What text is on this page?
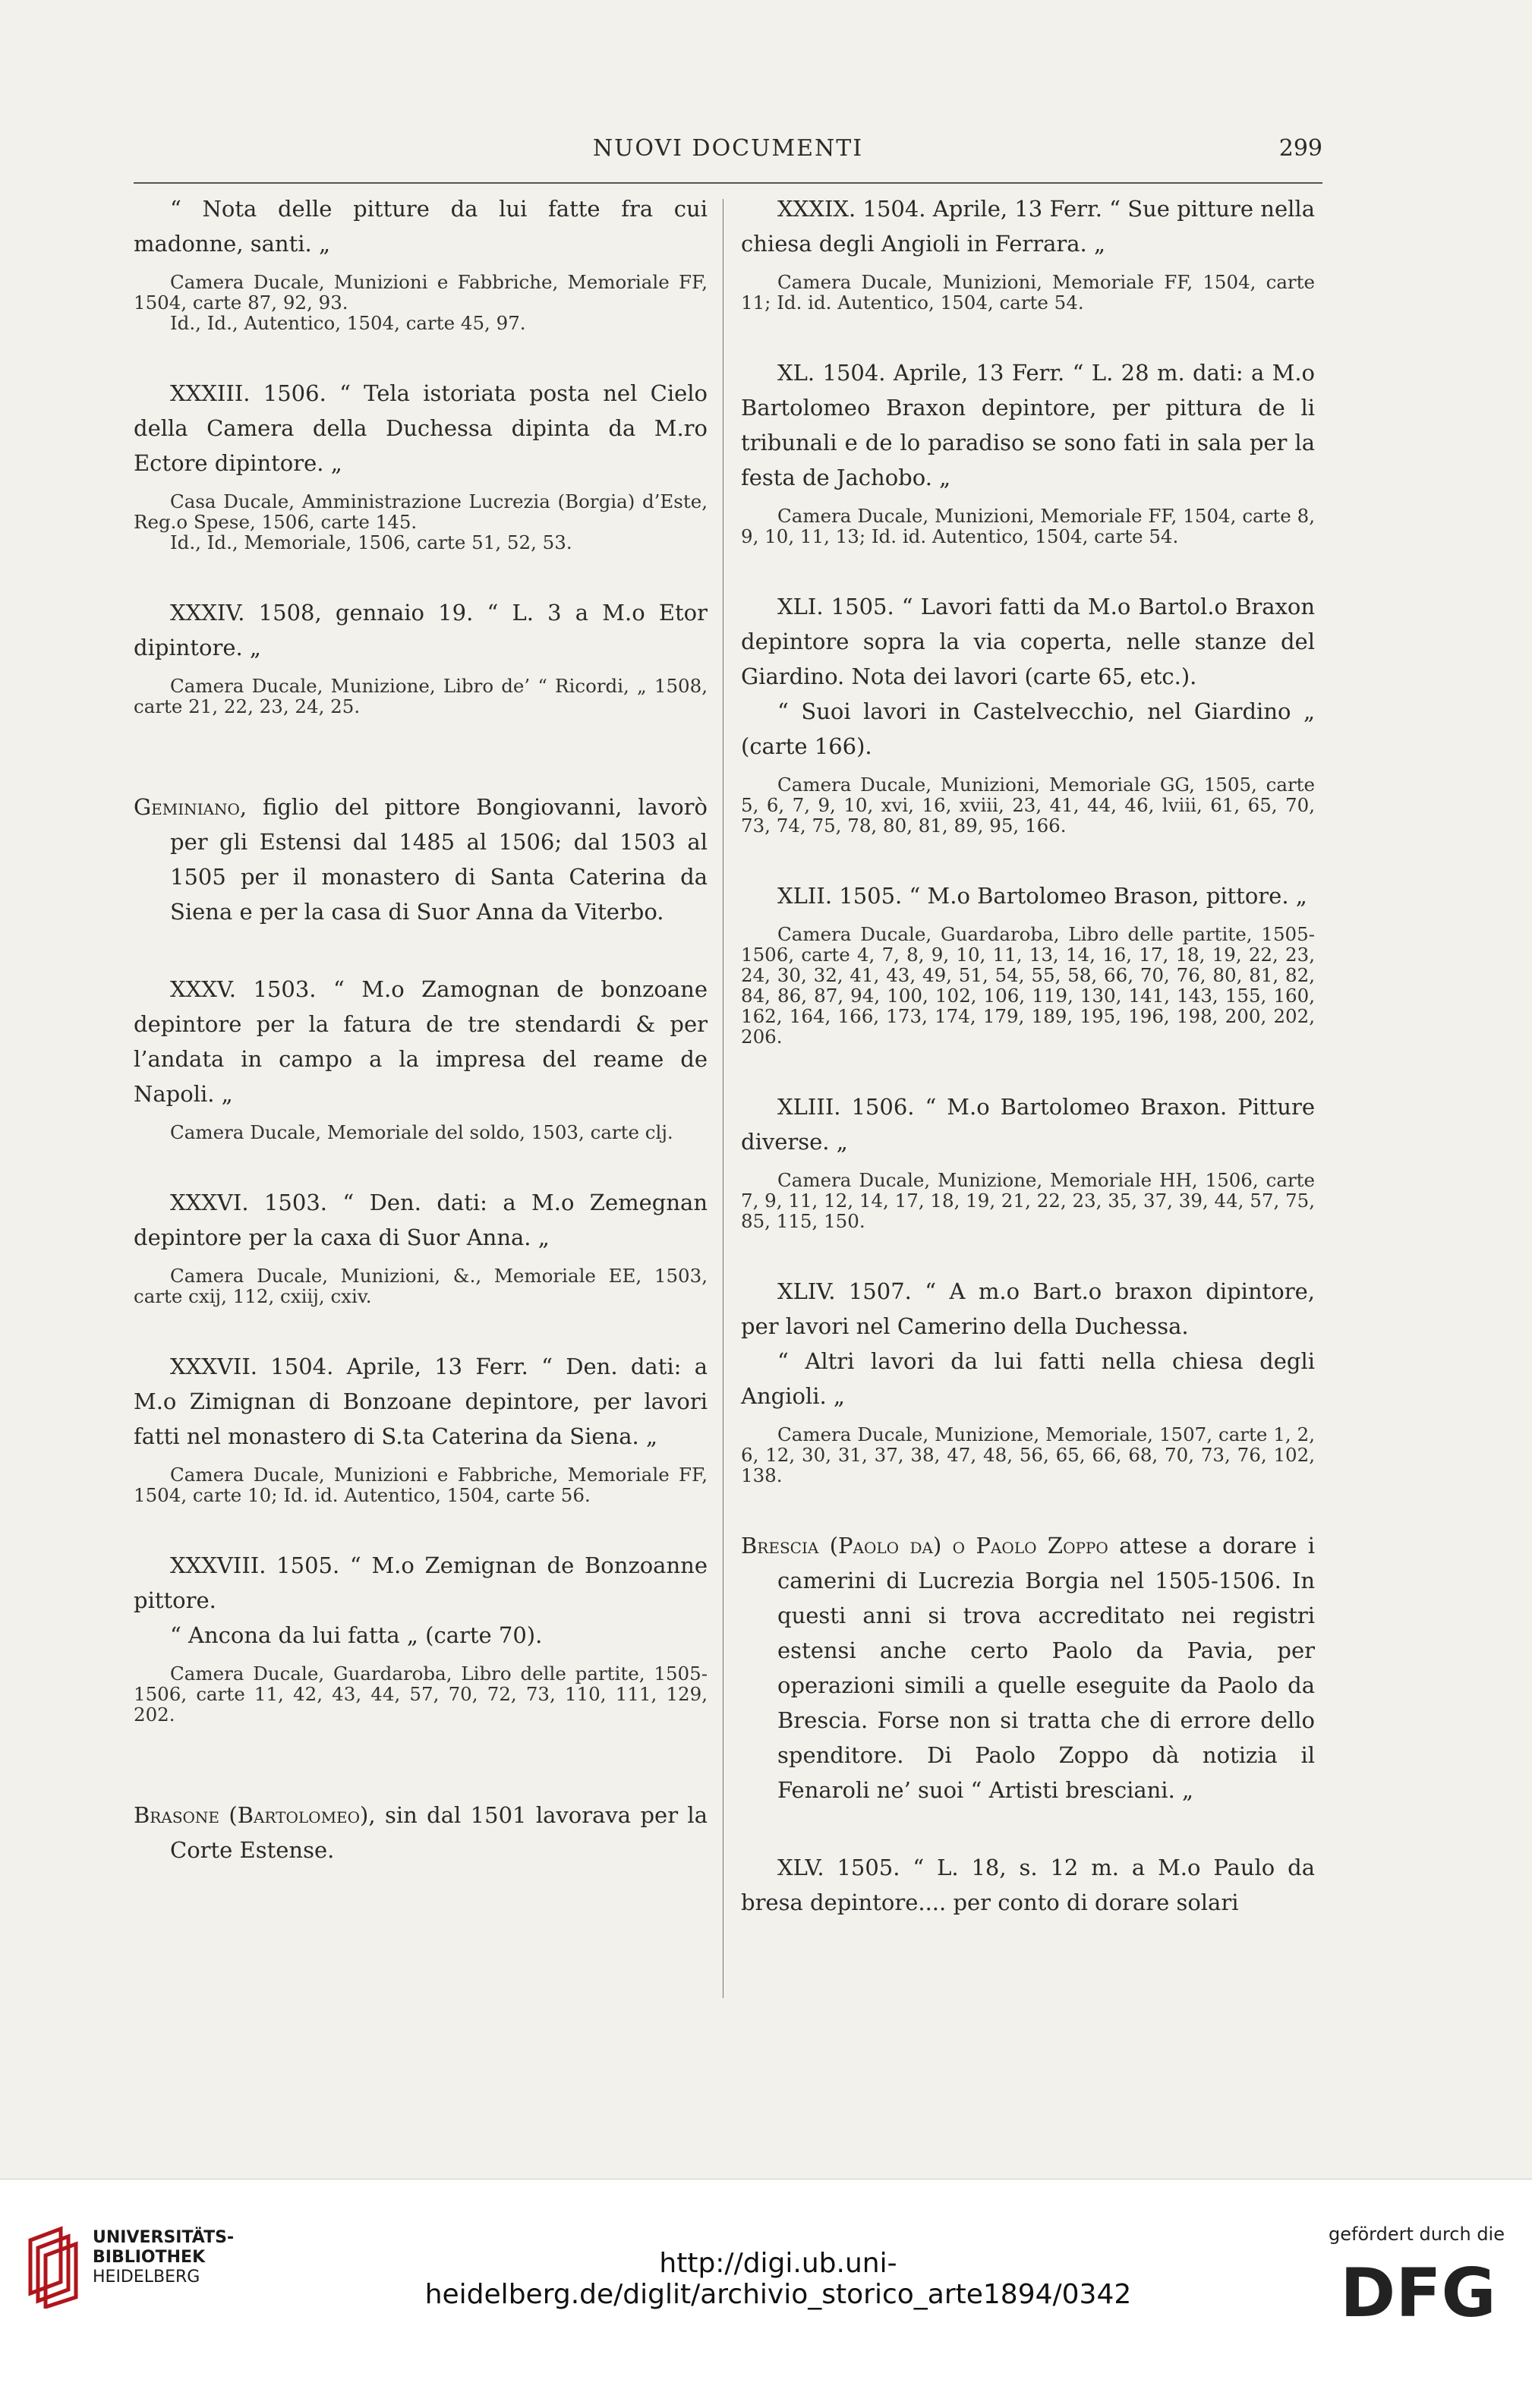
NUOVI DOCUMENTI	299

“ Nota delle pitture da lui fatte fra cui madonne, santi. „

Camera Ducale, Munizioni e Fabbriche, Memoriale FF, 1504, carte 87, 92, 93.

Id., Id., Autentico, 1504, carte 45, 97.

XXXIII. 1506. “ Tela istoriata posta nel Cielo della Camera della Duchessa dipinta da M.ro Ectore dipintore. „

Casa Ducale, Amministrazione Lucrezia (Borgia) d’Este, Reg.o Spese, 1506, carte 145.

Id., Id., Memoriale, 1506, carte 51, 52, 53.

XXXIV. 1508, gennaio 19. “ L. 3 a M.o Etor dipintore. „

Camera Ducale, Munizione, Libro de’ “ Ricordi, „ 1508, carte 21, 22, 23, 24, 25.

Geminiano, figlio del pittore Bongiovanni, lavorò per gli Estensi dal 1485 al 1506; dal 1503 al 1505 per il monastero di Santa Caterina da Siena e per la casa di Suor Anna da Viterbo.

XXXV. 1503. “ M.o Zamognan de bonzoane depintore per la fatura de tre stendardi & per l’andata in campo a la impresa del reame de Napoli. „

Camera Ducale, Memoriale del soldo, 1503, carte clj.

XXXVI. 1503. “ Den. dati: a M.o Zemegnan depintore per la caxa di Suor Anna. „

Camera Ducale, Munizioni, &., Memoriale EE, 1503, carte cxij, 112, cxiij, cxiv.

XXXVII. 1504. Aprile, 13 Ferr. “ Den. dati: a M.o Zimignan di Bonzoane depintore, per lavori fatti nel monastero di S.ta Caterina da Siena. „

Camera Ducale, Munizioni e Fabbriche, Memoriale FF, 1504, carte 10; Id. id. Autentico, 1504, carte 56.

XXXVIII. 1505. “ M.o Zemignan de Bonzoanne pittore.

“ Ancona da lui fatta „ (carte 70).

Camera Ducale, Guardaroba, Libro delle partite, 1505-1506, carte 11, 42, 43, 44, 57, 70, 72, 73, 110, 111, 129, 202.

Brasone (Bartolomeo), sin dal 1501 lavorava per la Corte Estense.

XXXIX. 1504. Aprile, 13 Ferr. “ Sue pitture nella chiesa degli Angioli in Ferrara. „

Camera Ducale, Munizioni, Memoriale FF, 1504, carte 11; Id. id. Autentico, 1504, carte 54.

XL. 1504. Aprile, 13 Ferr. “ L. 28 m. dati: a M.o Bartolomeo Braxon depintore, per pittura de li tribunali e de lo paradiso se sono fati in sala per la festa de Jachobo. „

Camera Ducale, Munizioni, Memoriale FF, 1504, carte 8, 9, 10, 11, 13; Id. id. Autentico, 1504, carte 54.

XLI. 1505. “ Lavori fatti da M.o Bartol.o Braxon depintore sopra la via coperta, nelle stanze del Giardino. Nota dei lavori (carte 65, etc.).

“ Suoi lavori in Castelvecchio, nel Giardino „ (carte 166).

Camera Ducale, Munizioni, Memoriale GG, 1505, carte 5, 6, 7, 9, 10, xvi, 16, xviii, 23, 41, 44, 46, lviii, 61, 65, 70, 73, 74, 75, 78, 80, 81, 89, 95, 166.

XLII. 1505. “ M.o Bartolomeo Brason, pittore. „

Camera Ducale, Guardaroba, Libro delle partite, 1505-1506, carte 4, 7, 8, 9, 10, 11, 13, 14, 16, 17, 18, 19, 22, 23, 24, 30, 32, 41, 43, 49, 51, 54, 55, 58, 66, 70, 76, 80, 81, 82, 84, 86, 87, 94, 100, 102, 106, 119, 130, 141, 143, 155, 160, 162, 164, 166, 173, 174, 179, 189, 195, 196, 198, 200, 202, 206.

XLIII. 1506. “ M.o Bartolomeo Braxon. Pitture diverse. „

Camera Ducale, Munizione, Memoriale HH, 1506, carte 7, 9, 11, 12, 14, 17, 18, 19, 21, 22, 23, 35, 37, 39, 44, 57, 75, 85, 115, 150.

XLIV. 1507. “ A m.o Bart.o braxon dipintore, per lavori nel Camerino della Duchessa.

“ Altri lavori da lui fatti nella chiesa degli Angioli. „

Camera Ducale, Munizione, Memoriale, 1507, carte 1, 2, 6, 12, 30, 31, 37, 38, 47, 48, 56, 65, 66, 68, 70, 73, 76, 102, 138.

Brescia (Paolo da) o Paolo Zoppo attese a dorare i camerini di Lucrezia Borgia nel 1505-1506. In questi anni si trova accreditato nei registri estensi anche certo Paolo da Pavia, per operazioni simili a quelle eseguite da Paolo da Brescia. Forse non si tratta che di errore dello spenditore. Di Paolo Zoppo dà notizia il Fenaroli ne’ suoi “ Artisti bresciani. „

XLV. 1505. “ L. 18, s. 12 m. a M.o Paulo da bresa depintore.... per conto di dorare solari

UNIVERSITÄTS-
BIBLIOTHEK
HEIDELBERG	http://digi.ub.uni-heidelberg.de/diglit/archivio_storico_arte1894/0342
gefördert durch die
DFG
